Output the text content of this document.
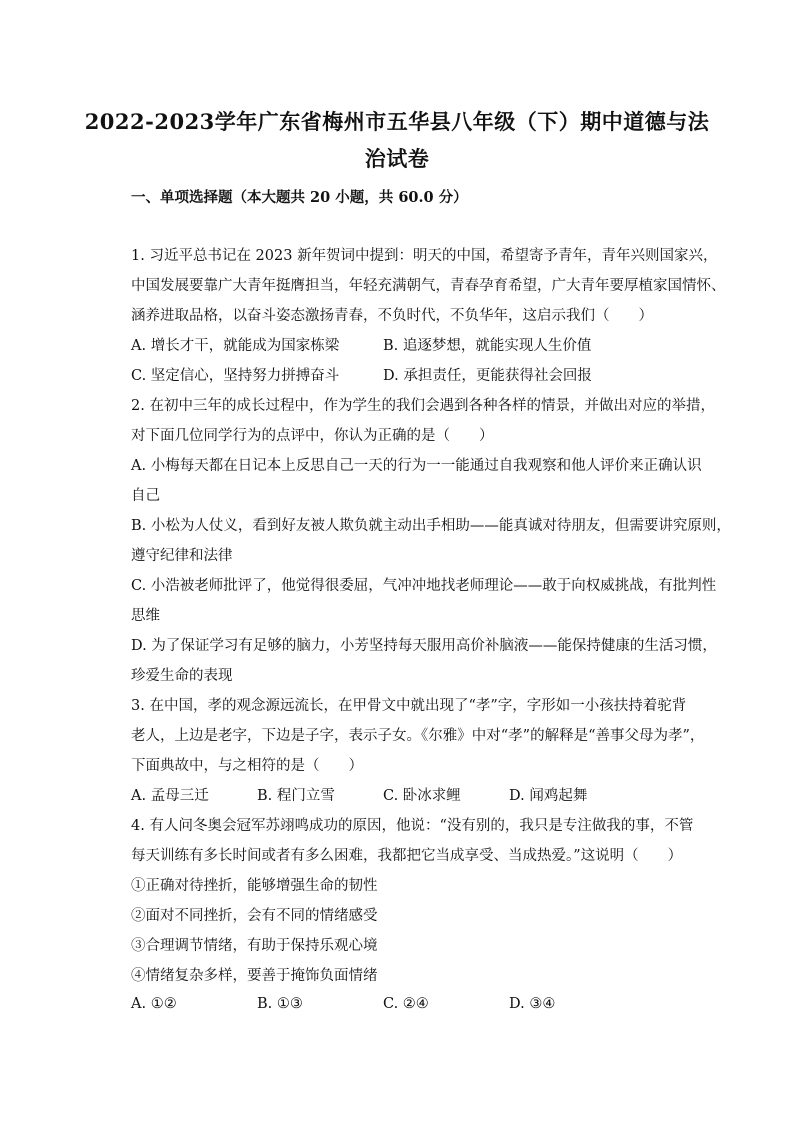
2022-2023学年广东省梅州市五华县八年级（下）期中道德与法
治试卷
一、单项选择题（本大题共 20 小题，共 60.0 分）
1. 习近平总书记在 2023 新年贺词中提到：明天的中国，希望寄予青年，青年兴则国家兴，
中国发展要靠广大青年挺膺担当，年轻充满朝气，青春孕育希望，广大青年要厚植家国情怀、
涵养进取品格，以奋斗姿态激扬青春，不负时代，不负华年，这启示我们（　　）
A. 增长才干，就能成为国家栋梁	B. 追逐梦想，就能实现人生价值
C. 坚定信心，坚持努力拼搏奋斗	D. 承担责任，更能获得社会回报
2. 在初中三年的成长过程中，作为学生的我们会遇到各种各样的情景，并做出对应的举措，
对下面几位同学行为的点评中，你认为正确的是（　　）
A. 小梅每天都在日记本上反思自己一天的行为一一能通过自我观察和他人评价来正确认识
自己
B. 小松为人仗义，看到好友被人欺负就主动出手相助——能真诚对待朋友，但需要讲究原则，
遵守纪律和法律
C. 小浩被老师批评了，他觉得很委屈，气冲冲地找老师理论——敢于向权威挑战，有批判性
思维
D. 为了保证学习有足够的脑力，小芳坚持每天服用高价补脑液——能保持健康的生活习惯，
珍爱生命的表现
3. 在中国，孝的观念源远流长，在甲骨文中就出现了“孝”字，字形如一小孩扶持着驼背
老人，上边是老字，下边是子字，表示子女。《尔雅》中对“孝”的解释是“善事父母为孝”，
下面典故中，与之相符的是（　　）
A. 孟母三迁	B. 程门立雪	C. 卧冰求鲤	D. 闻鸡起舞
4. 有人问冬奥会冠军苏翊鸣成功的原因，他说：“没有别的，我只是专注做我的事，不管
每天训练有多长时间或者有多么困难，我都把它当成享受、当成热爱。”这说明（　　）
①正确对待挫折，能够增强生命的韧性
②面对不同挫折，会有不同的情绪感受
③合理调节情绪，有助于保持乐观心境
④情绪复杂多样，要善于掩饰负面情绪
A. ①②	B. ①③	C. ②④	D. ③④
